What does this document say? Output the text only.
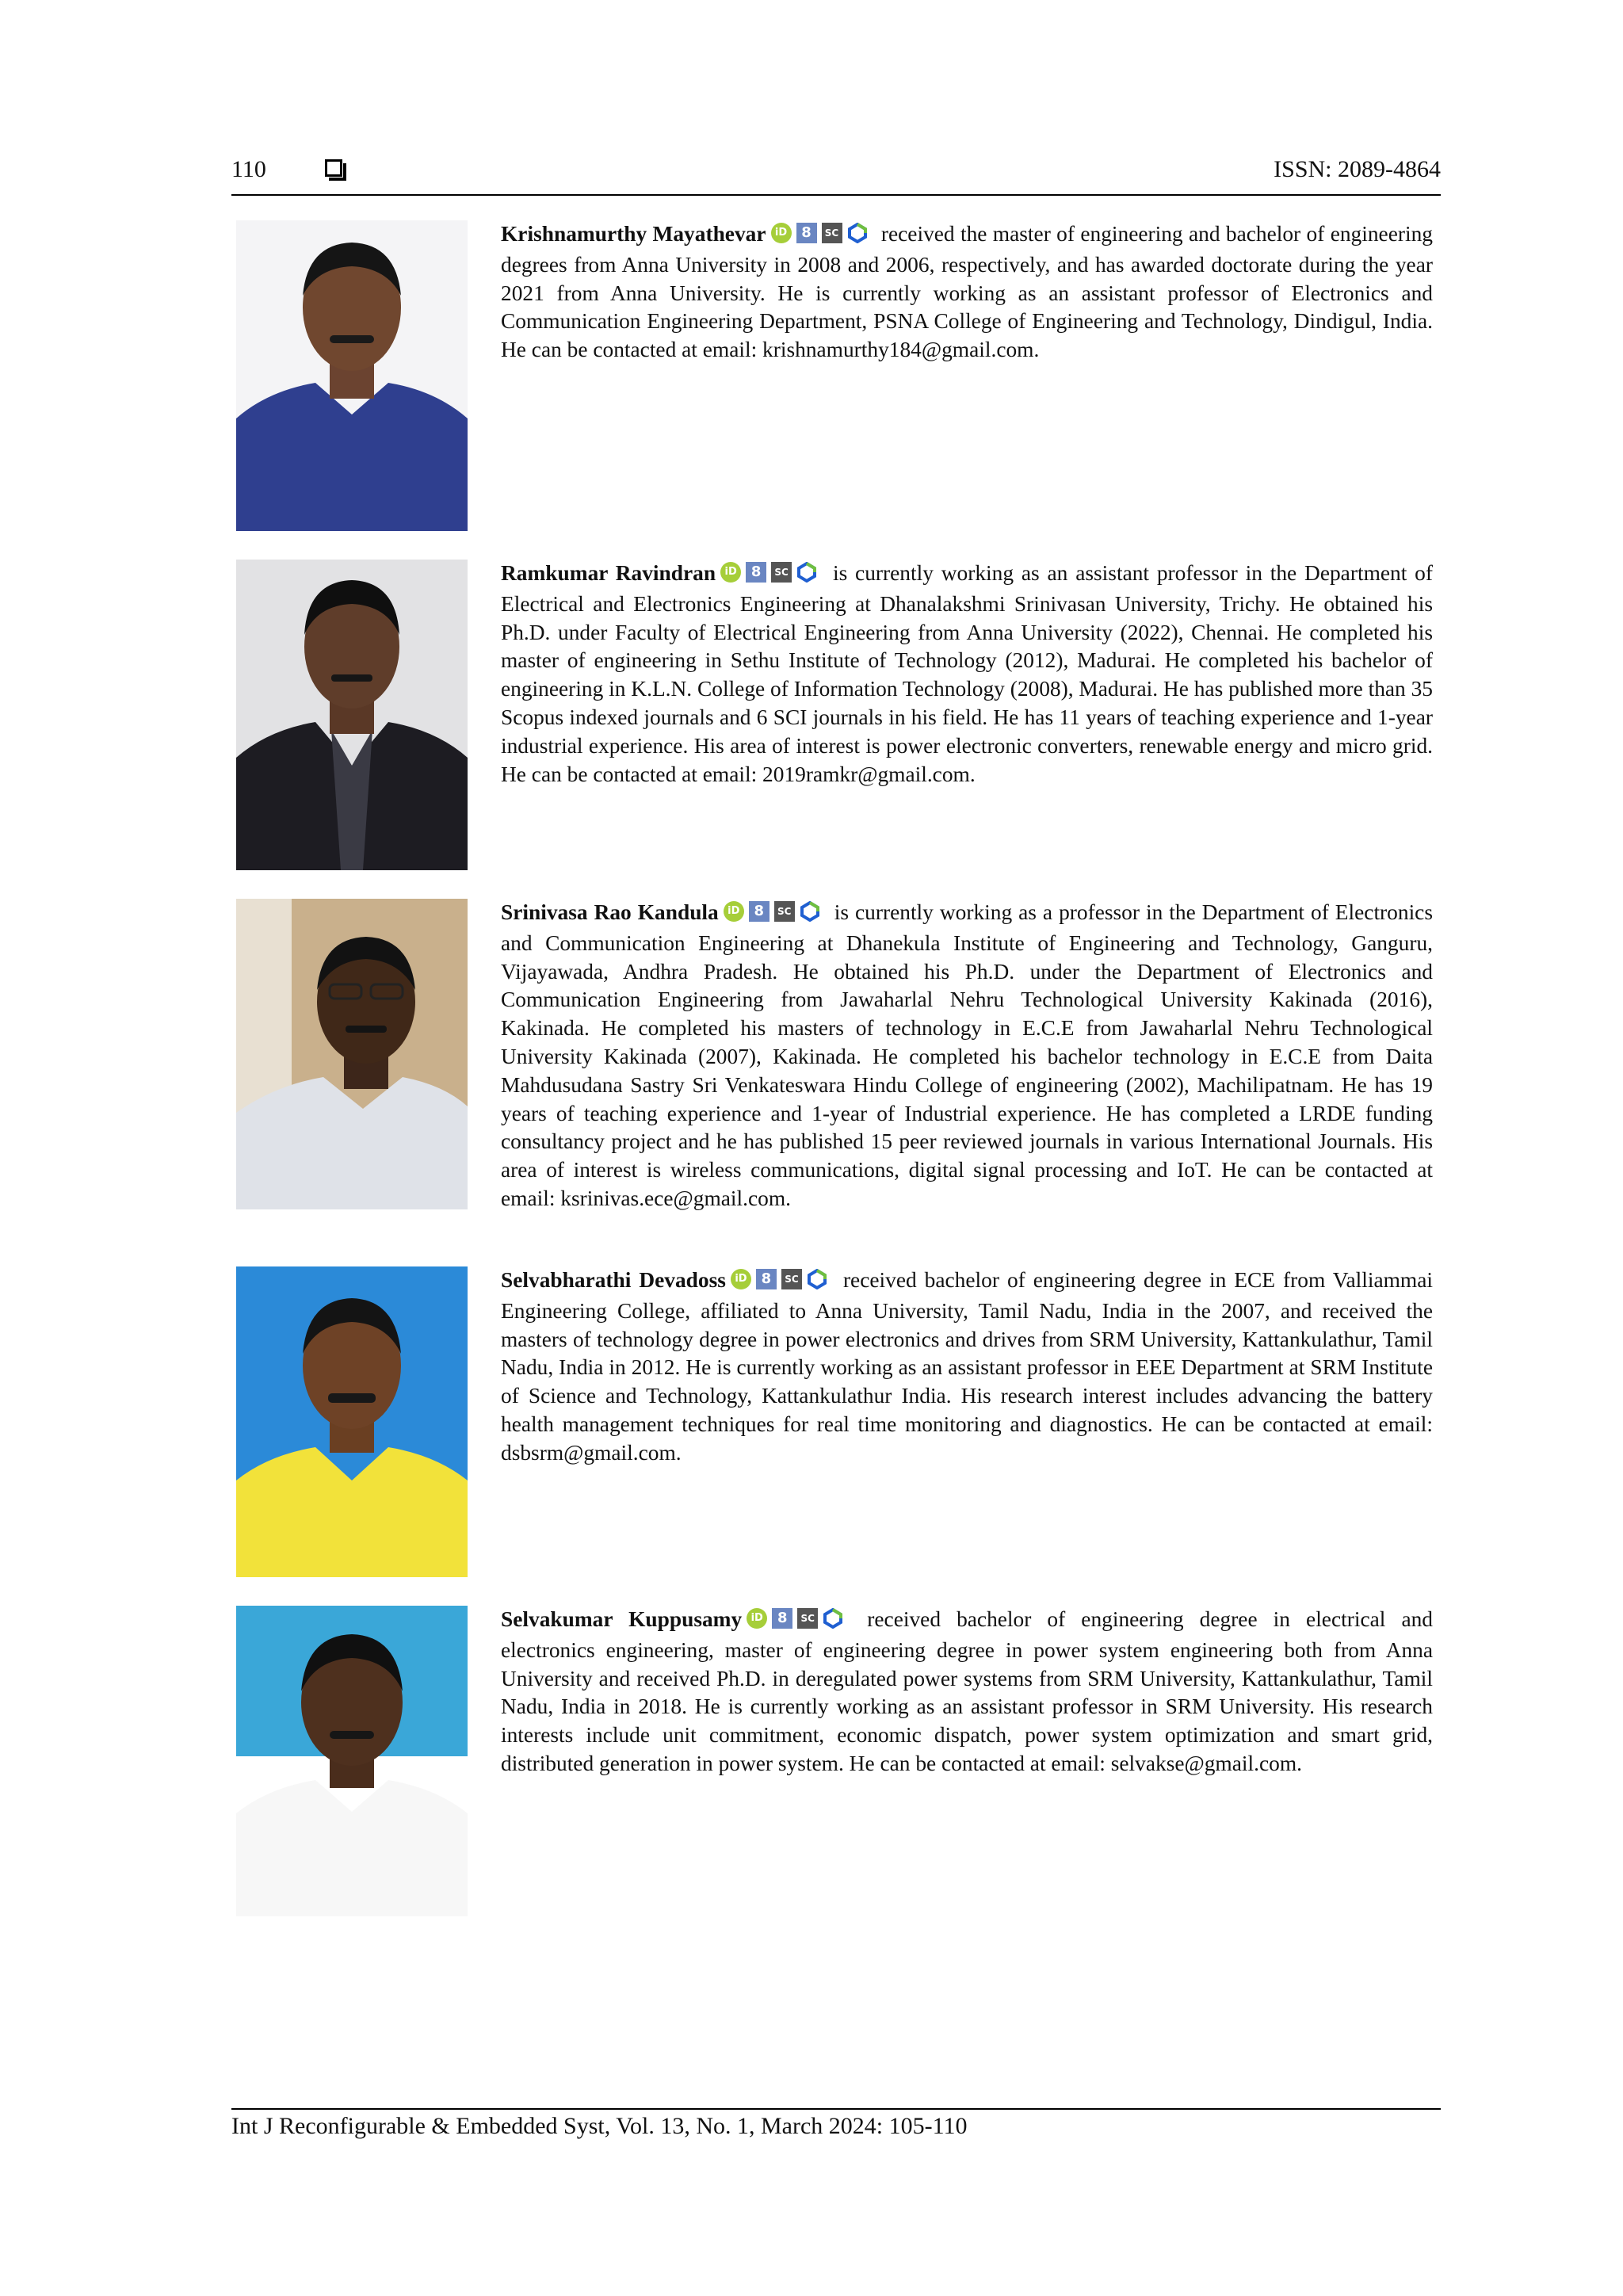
110	ISSN: 2089-4864
Krishnamurthy Mayathevar iD 8 SC received the master of engineering and bachelor of engineering degrees from Anna University in 2008 and 2006, respectively, and has awarded doctorate during the year 2021 from Anna University. He is currently working as an assistant professor of Electronics and Communication Engineering Department, PSNA College of Engineering and Technology, Dindigul, India. He can be contacted at email: krishnamurthy184@gmail.com.
Ramkumar Ravindran iD 8 SC is currently working as an assistant professor in the Department of Electrical and Electronics Engineering at Dhanalakshmi Srinivasan University, Trichy. He obtained his Ph.D. under Faculty of Electrical Engineering from Anna University (2022), Chennai. He completed his master of engineering in Sethu Institute of Technology (2012), Madurai. He completed his bachelor of engineering in K.L.N. College of Information Technology (2008), Madurai. He has published more than 35 Scopus indexed journals and 6 SCI journals in his field. He has 11 years of teaching experience and 1-year industrial experience. His area of interest is power electronic converters, renewable energy and micro grid. He can be contacted at email: 2019ramkr@gmail.com.
Srinivasa Rao Kandula iD 8 SC is currently working as a professor in the Department of Electronics and Communication Engineering at Dhanekula Institute of Engineering and Technology, Ganguru, Vijayawada, Andhra Pradesh. He obtained his Ph.D. under the Department of Electronics and Communication Engineering from Jawaharlal Nehru Technological University Kakinada (2016), Kakinada. He completed his masters of technology in E.C.E from Jawaharlal Nehru Technological University Kakinada (2007), Kakinada. He completed his bachelor technology in E.C.E from Daita Mahdusudana Sastry Sri Venkateswara Hindu College of engineering (2002), Machilipatnam. He has 19 years of teaching experience and 1-year of Industrial experience. He has completed a LRDE funding consultancy project and he has published 15 peer reviewed journals in various International Journals. His area of interest is wireless communications, digital signal processing and IoT. He can be contacted at email: ksrinivas.ece@gmail.com.
Selvabharathi Devadoss iD 8 SC received bachelor of engineering degree in ECE from Valliammai Engineering College, affiliated to Anna University, Tamil Nadu, India in the 2007, and received the masters of technology degree in power electronics and drives from SRM University, Kattankulathur, Tamil Nadu, India in 2012. He is currently working as an assistant professor in EEE Department at SRM Institute of Science and Technology, Kattankulathur India. His research interest includes advancing the battery health management techniques for real time monitoring and diagnostics. He can be contacted at email: dsbsrm@gmail.com.
Selvakumar Kuppusamy iD 8 SC received bachelor of engineering degree in electrical and electronics engineering, master of engineering degree in power system engineering both from Anna University and received Ph.D. in deregulated power systems from SRM University, Kattankulathur, Tamil Nadu, India in 2018. He is currently working as an assistant professor in SRM University. His research interests include unit commitment, economic dispatch, power system optimization and smart grid, distributed generation in power system. He can be contacted at email: selvakse@gmail.com.
Int J Reconfigurable & Embedded Syst, Vol. 13, No. 1, March 2024: 105-110
